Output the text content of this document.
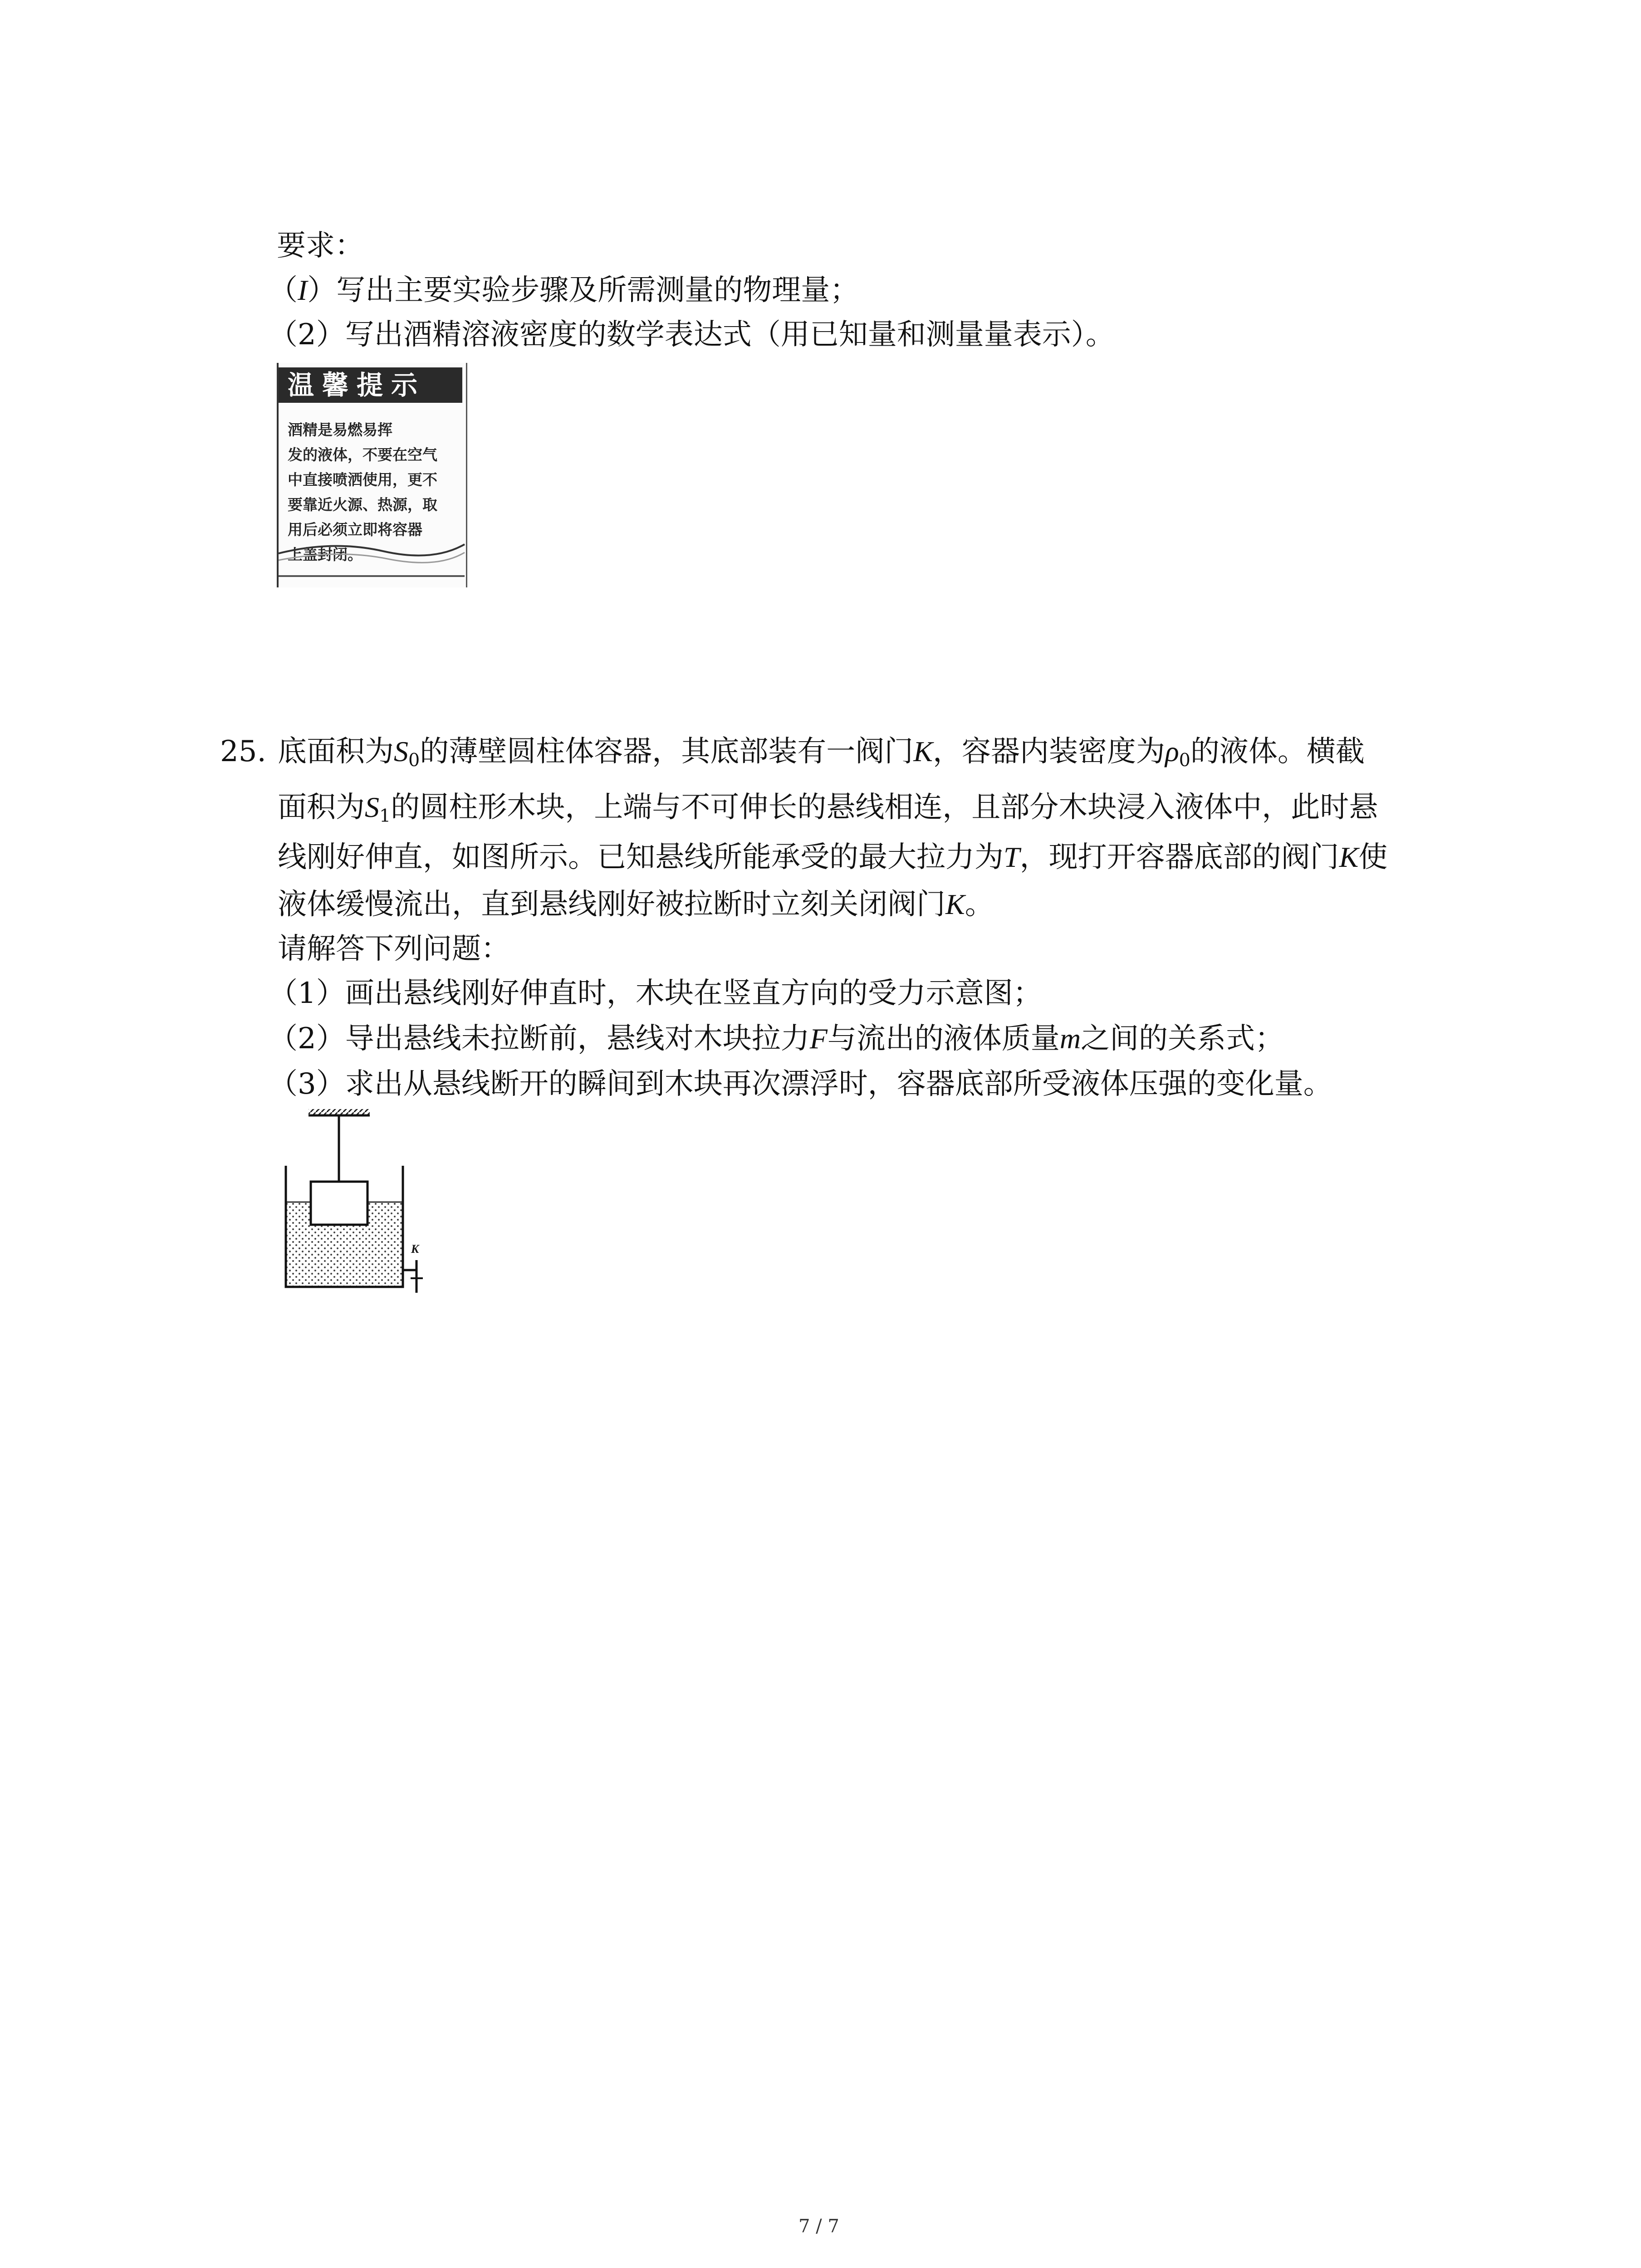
要求：
（I）写出主要实验步骤及所需测量的物理量；
（2）写出酒精溶液密度的数学表达式（用已知量和测量量表示）。
温馨提示
酒精是易燃易挥
发的液体，不要在空气
中直接喷洒使用，更不
要靠近火源、热源，取
用后必须立即将容器
上盖封闭。
25. 底面积为$S_0$的薄壁圆柱体容器，其底部装有一阀门K，容器内装密度为$\rho_0$的液体。横截
面积为$S_1$的圆柱形木块，上端与不可伸长的悬线相连，且部分木块浸入液体中，此时悬
线刚好伸直，如图所示。已知悬线所能承受的最大拉力为T，现打开容器底部的阀门K使
液体缓慢流出，直到悬线刚好被拉断时立刻关闭阀门K。
请解答下列问题：
（1）画出悬线刚好伸直时，木块在竖直方向的受力示意图；
（2）导出悬线未拉断前，悬线对木块拉力F与流出的液体质量m之间的关系式；
（3）求出从悬线断开的瞬间到木块再次漂浮时，容器底部所受液体压强的变化量。
K
7 / 7
